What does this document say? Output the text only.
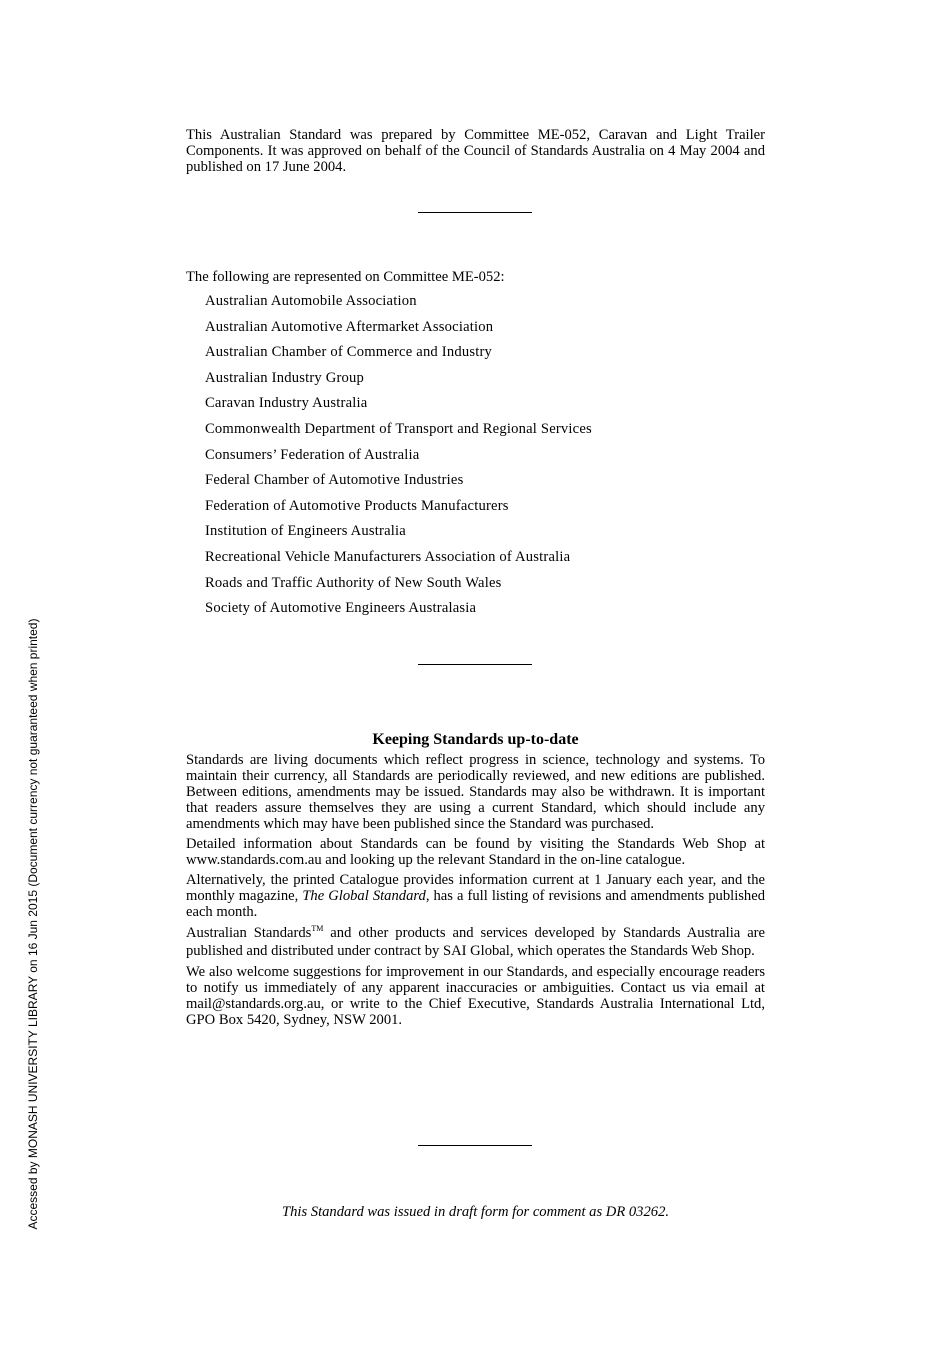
This Australian Standard was prepared by Committee ME-052, Caravan and Light Trailer Components. It was approved on behalf of the Council of Standards Australia on 4 May 2004 and published on 17 June 2004.

The following are represented on Committee ME-052:
Australian Automobile Association
Australian Automotive Aftermarket Association
Australian Chamber of Commerce and Industry
Australian Industry Group
Caravan Industry Australia
Commonwealth Department of Transport and Regional Services
Consumers’ Federation of Australia
Federal Chamber of Automotive Industries
Federation of Automotive Products Manufacturers
Institution of Engineers Australia
Recreational Vehicle Manufacturers Association of Australia
Roads and Traffic Authority of New South Wales
Society of Automotive Engineers Australasia
Keeping Standards up-to-date

Standards are living documents which reflect progress in science, technology and systems. To maintain their currency, all Standards are periodically reviewed, and new editions are published. Between editions, amendments may be issued. Standards may also be withdrawn. It is important that readers assure themselves they are using a current Standard, which should include any amendments which may have been published since the Standard was purchased.

Detailed information about Standards can be found by visiting the Standards Web Shop at www.standards.com.au and looking up the relevant Standard in the on-line catalogue.

Alternatively, the printed Catalogue provides information current at 1 January each year, and the monthly magazine, The Global Standard, has a full listing of revisions and amendments published each month.

Australian Standards™ and other products and services developed by Standards Australia are published and distributed under contract by SAI Global, which operates the Standards Web Shop.

We also welcome suggestions for improvement in our Standards, and especially encourage readers to notify us immediately of any apparent inaccuracies or ambiguities. Contact us via email at mail@standards.org.au, or write to the Chief Executive, Standards Australia International Ltd, GPO Box 5420, Sydney, NSW 2001.

This Standard was issued in draft form for comment as DR 03262.
Accessed by MONASH UNIVERSITY LIBRARY on 16 Jun 2015 (Document currency not guaranteed when printed)
